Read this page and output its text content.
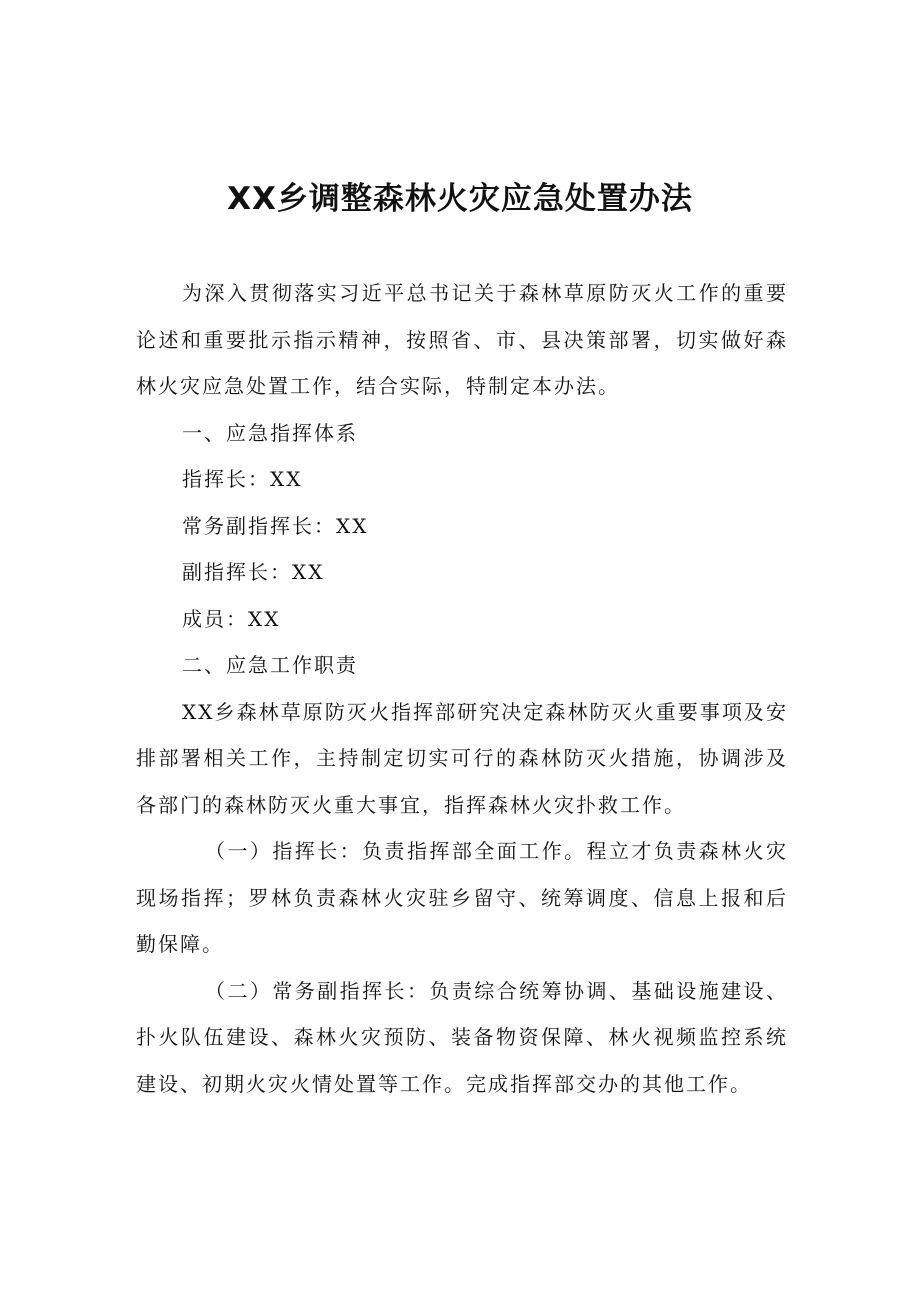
XX乡调整森林火灾应急处置办法

为深入贯彻落实习近平总书记关于森林草原防灭火工作的重要论述和重要批示指示精神，按照省、市、县决策部署，切实做好森林火灾应急处置工作，结合实际，特制定本办法。

一、应急指挥体系

指挥长：XX

常务副指挥长：XX

副指挥长：XX

成员：XX

二、应急工作职责

XX乡森林草原防灭火指挥部研究决定森林防灭火重要事项及安排部署相关工作，主持制定切实可行的森林防灭火措施，协调涉及各部门的森林防灭火重大事宜，指挥森林火灾扑救工作。

（一）指挥长：负责指挥部全面工作。程立才负责森林火灾现场指挥；罗林负责森林火灾驻乡留守、统筹调度、信息上报和后勤保障。

（二）常务副指挥长：负责综合统筹协调、基础设施建设、扑火队伍建设、森林火灾预防、装备物资保障、林火视频监控系统建设、初期火灾火情处置等工作。完成指挥部交办的其他工作。
